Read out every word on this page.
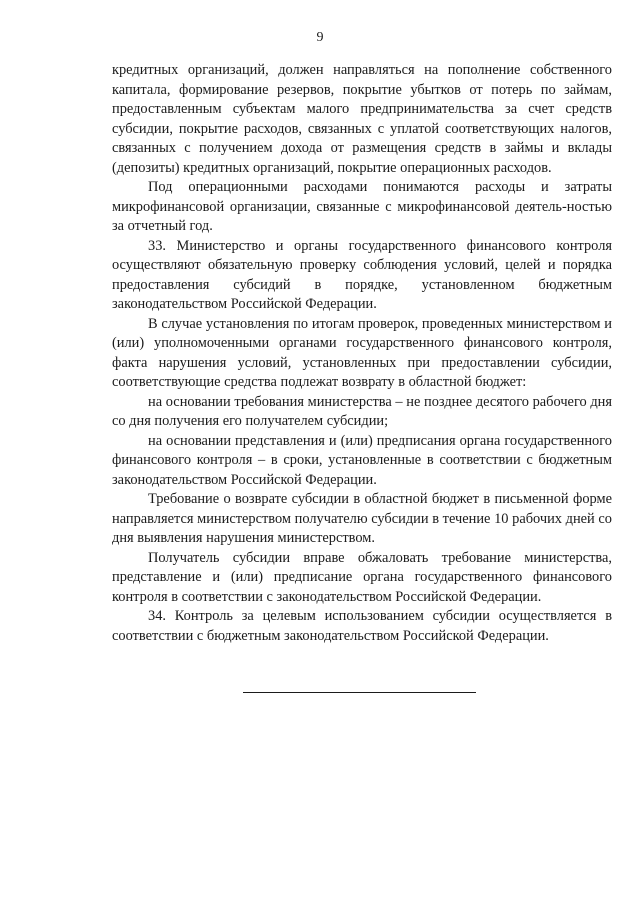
9

кредитных организаций, должен направляться на пополнение собственного капитала, формирование резервов, покрытие убытков от потерь по займам, предоставленным субъектам малого предпринимательства за счет средств субсидии, покрытие расходов, связанных с уплатой соответствующих налогов, связанных с получением дохода от размещения средств в займы и вклады (депозиты) кредитных организаций, покрытие операционных расходов.

Под операционными расходами понимаются расходы и затраты микрофинансовой организации, связанные с микрофинансовой деятель-ностью за отчетный год.

33. Министерство и органы государственного финансового контроля осуществляют обязательную проверку соблюдения условий, целей и порядка предоставления субсидий в порядке, установленном бюджетным законодательством Российской Федерации.

В случае установления по итогам проверок, проведенных министерством и (или) уполномоченными органами государственного финансового контроля, факта нарушения условий, установленных при предоставлении субсидии, соответствующие средства подлежат возврату в областной бюджет:

на основании требования министерства – не позднее десятого рабочего дня со дня получения его получателем субсидии;

на основании представления и (или) предписания органа государственного финансового контроля – в сроки, установленные в соответствии с бюджетным законодательством Российской Федерации.

Требование о возврате субсидии в областной бюджет в письменной форме направляется министерством получателю субсидии в течение 10 рабочих дней со дня выявления нарушения министерством.

Получатель субсидии вправе обжаловать требование министерства, представление и (или) предписание органа государственного финансового контроля в соответствии с законодательством Российской Федерации.

34. Контроль за целевым использованием субсидии осуществляется в соответствии с бюджетным законодательством Российской Федерации.
